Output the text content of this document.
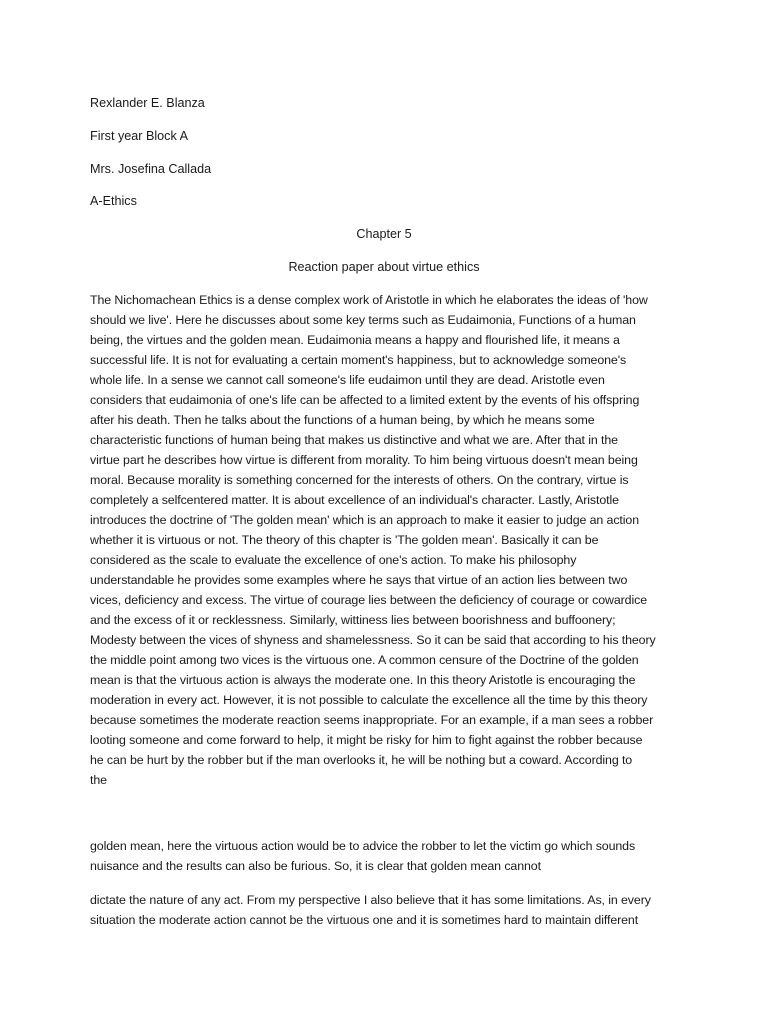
Rexlander E. Blanza
First year Block A
Mrs. Josefina Callada
A-Ethics
Chapter 5
Reaction paper about virtue ethics
The Nichomachean Ethics is a dense complex work of Aristotle in which he elaborates the ideas of 'how
should we live'. Here he discusses about some key terms such as Eudaimonia, Functions of a human
being, the virtues and the golden mean. Eudaimonia means a happy and flourished life, it means a
successful life. It is not for evaluating a certain moment's happiness, but to acknowledge someone's
whole life. In a sense we cannot call someone's life eudaimon until they are dead. Aristotle even
considers that eudaimonia of one's life can be affected to a limited extent by the events of his offspring
after his death. Then he talks about the functions of a human being, by which he means some
characteristic functions of human being that makes us distinctive and what we are. After that in the
virtue part he describes how virtue is different from morality. To him being virtuous doesn't mean being
moral. Because morality is something concerned for the interests of others. On the contrary, virtue is
completely a selfcentered matter. It is about excellence of an individual's character. Lastly, Aristotle
introduces the doctrine of 'The golden mean' which is an approach to make it easier to judge an action
whether it is virtuous or not. The theory of this chapter is 'The golden mean'. Basically it can be
considered as the scale to evaluate the excellence of one's action. To make his philosophy
understandable he provides some examples where he says that virtue of an action lies between two
vices, deficiency and excess. The virtue of courage lies between the deficiency of courage or cowardice
and the excess of it or recklessness. Similarly, wittiness lies between boorishness and buffoonery;
Modesty between the vices of shyness and shamelessness. So it can be said that according to his theory
the middle point among two vices is the virtuous one. A common censure of the Doctrine of the golden
mean is that the virtuous action is always the moderate one. In this theory Aristotle is encouraging the
moderation in every act. However, it is not possible to calculate the excellence all the time by this theory
because sometimes the moderate reaction seems inappropriate. For an example, if a man sees a robber
looting someone and come forward to help, it might be risky for him to fight against the robber because
he can be hurt by the robber but if the man overlooks it, he will be nothing but a coward. According to
the
golden mean, here the virtuous action would be to advice the robber to let the victim go which sounds
nuisance and the results can also be furious. So, it is clear that golden mean cannot
dictate the nature of any act. From my perspective I also believe that it has some limitations. As, in every
situation the moderate action cannot be the virtuous one and it is sometimes hard to maintain different
